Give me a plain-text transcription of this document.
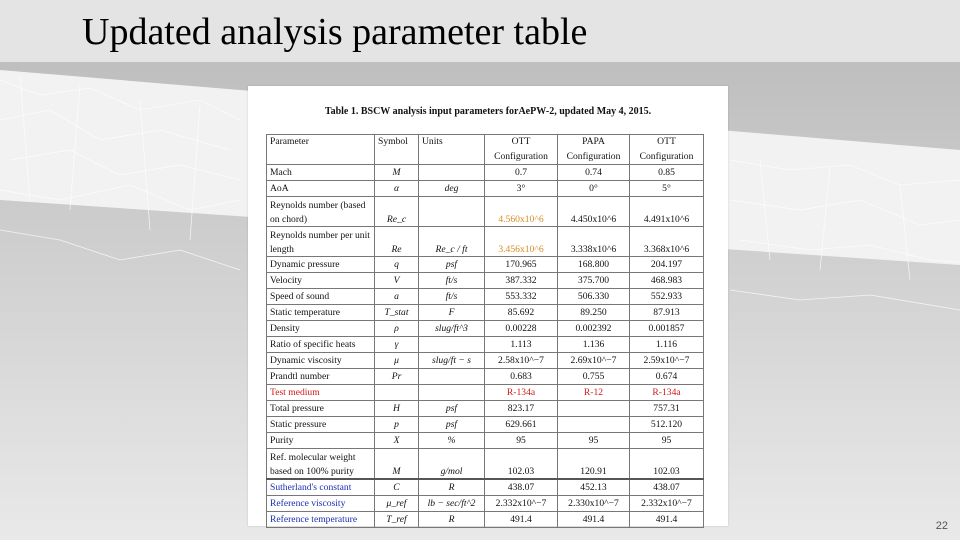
Updated analysis parameter table
Table 1. BSCW analysis input parameters forAePW-2, updated May 4, 2015.
Parameter	Symbol	Units	OTT Configuration	PAPA Configuration	OTT Configuration
Mach	M		0.7	0.74	0.85
AoA	α	deg	3°	0°	5°
Reynolds number (based on chord)	Re_c		4.560x10^6	4.450x10^6	4.491x10^6
Reynolds number per unit length	Re	Re_c / ft	3.456x10^6	3.338x10^6	3.368x10^6
Dynamic pressure	q	psf	170.965	168.800	204.197
Velocity	V	ft/s	387.332	375.700	468.983
Speed of sound	a	ft/s	553.332	506.330	552.933
Static temperature	T_stat	F	85.692	89.250	87.913
Density	ρ	slug/ft^3	0.00228	0.002392	0.001857
Ratio of specific heats	γ		1.113	1.136	1.116
Dynamic viscosity	μ	slug/ft − s	2.58x10^−7	2.69x10^−7	2.59x10^−7
Prandtl number	Pr		0.683	0.755	0.674
Test medium			R-134a	R-12	R-134a
Total pressure	H	psf	823.17		757.31
Static pressure	p	psf	629.661		512.120
Purity	X	%	95	95	95
Ref. molecular weight based on 100% purity	M	g/mol	102.03	120.91	102.03
Sutherland's constant	C	R	438.07	452.13	438.07
Reference viscosity	μ_ref	lb − sec/ft^2	2.332x10^−7	2.330x10^−7	2.332x10^−7
Reference temperature	T_ref	R	491.4	491.4	491.4
22
